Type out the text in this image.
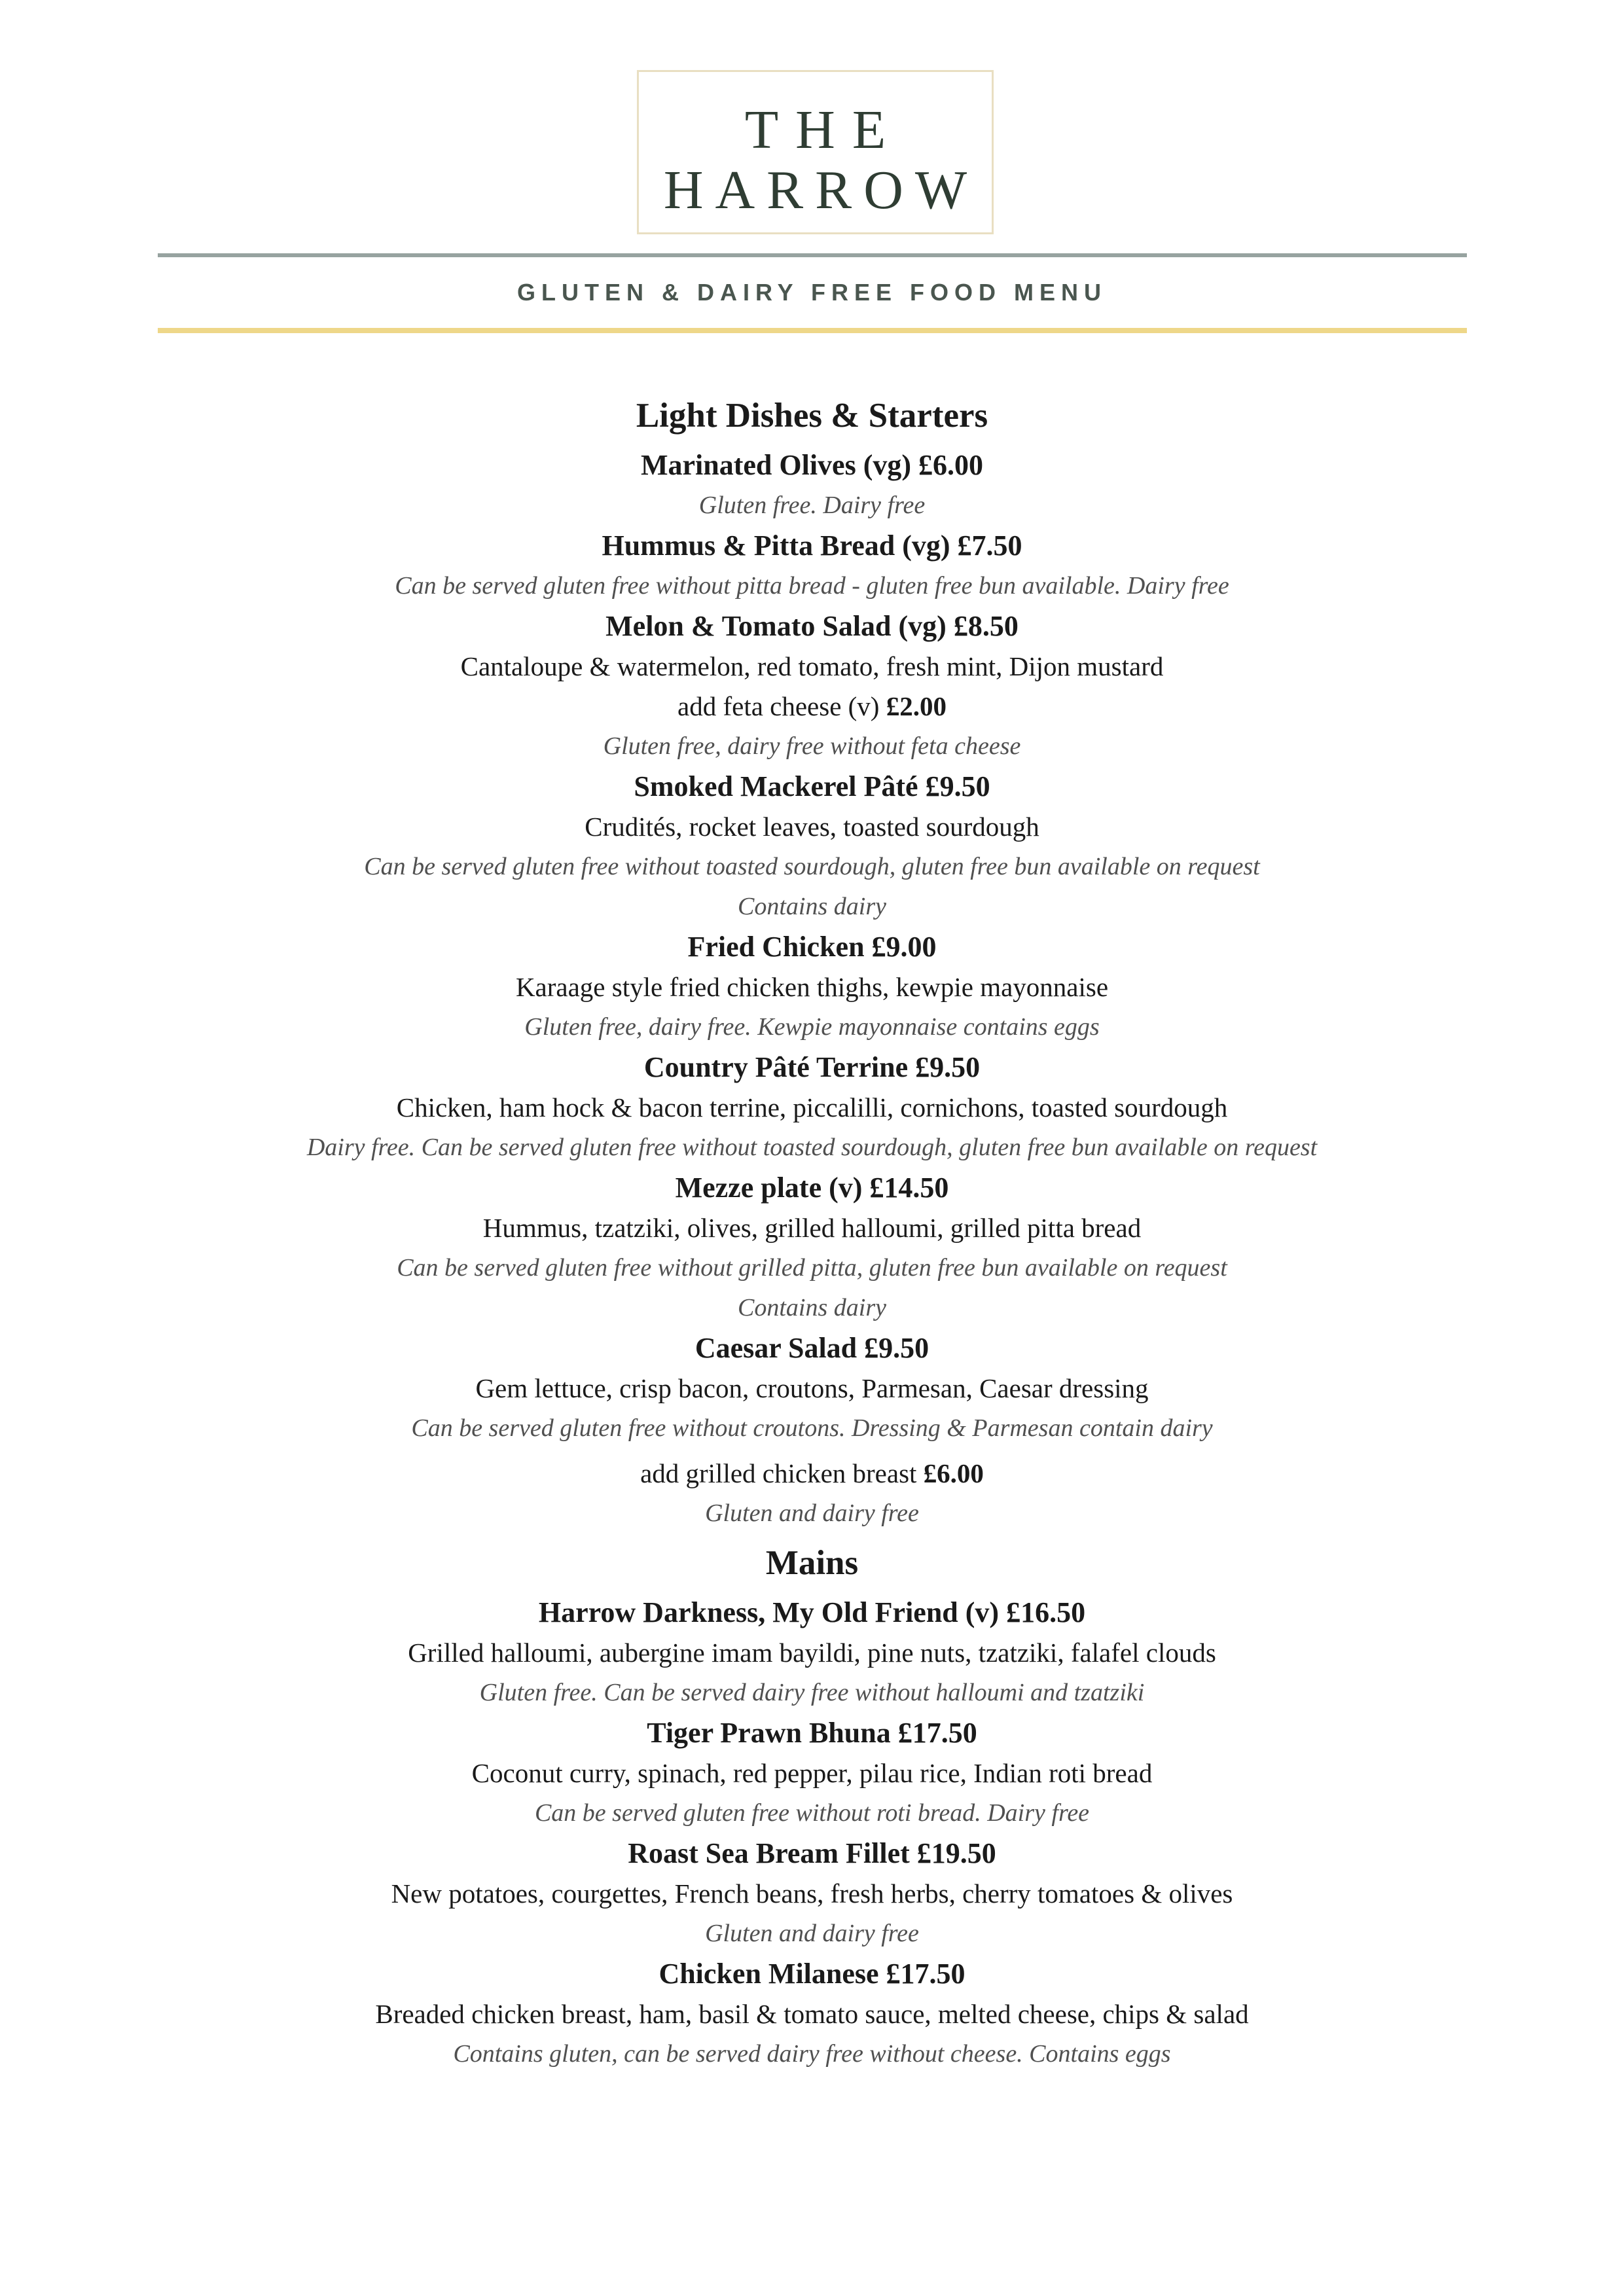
THE
HARROW
GLUTEN & DAIRY FREE FOOD MENU
Light Dishes & Starters
Marinated Olives (vg) £6.00
Gluten free. Dairy free
Hummus & Pitta Bread (vg) £7.50
Can be served gluten free without pitta bread - gluten free bun available. Dairy free
Melon & Tomato Salad (vg) £8.50
Cantaloupe & watermelon, red tomato, fresh mint, Dijon mustard
add feta cheese (v) £2.00
Gluten free, dairy free without feta cheese
Smoked Mackerel Pâté £9.50
Crudités, rocket leaves, toasted sourdough
Can be served gluten free without toasted sourdough, gluten free bun available on request
Contains dairy
Fried Chicken £9.00
Karaage style fried chicken thighs, kewpie mayonnaise
Gluten free, dairy free. Kewpie mayonnaise contains eggs
Country Pâté Terrine £9.50
Chicken, ham hock & bacon terrine, piccalilli, cornichons, toasted sourdough
Dairy free. Can be served gluten free without toasted sourdough, gluten free bun available on request
Mezze plate (v) £14.50
Hummus, tzatziki, olives, grilled halloumi, grilled pitta bread
Can be served gluten free without grilled pitta, gluten free bun available on request
Contains dairy
Caesar Salad £9.50
Gem lettuce, crisp bacon, croutons, Parmesan, Caesar dressing
Can be served gluten free without croutons. Dressing & Parmesan contain dairy
add grilled chicken breast £6.00
Gluten and dairy free
Mains
Harrow Darkness, My Old Friend (v) £16.50
Grilled halloumi, aubergine imam bayildi, pine nuts, tzatziki, falafel clouds
Gluten free. Can be served dairy free without halloumi and tzatziki
Tiger Prawn Bhuna £17.50
Coconut curry, spinach, red pepper, pilau rice, Indian roti bread
Can be served gluten free without roti bread. Dairy free
Roast Sea Bream Fillet £19.50
New potatoes, courgettes, French beans, fresh herbs, cherry tomatoes & olives
Gluten and dairy free
Chicken Milanese £17.50
Breaded chicken breast, ham, basil & tomato sauce, melted cheese, chips & salad
Contains gluten, can be served dairy free without cheese. Contains eggs
